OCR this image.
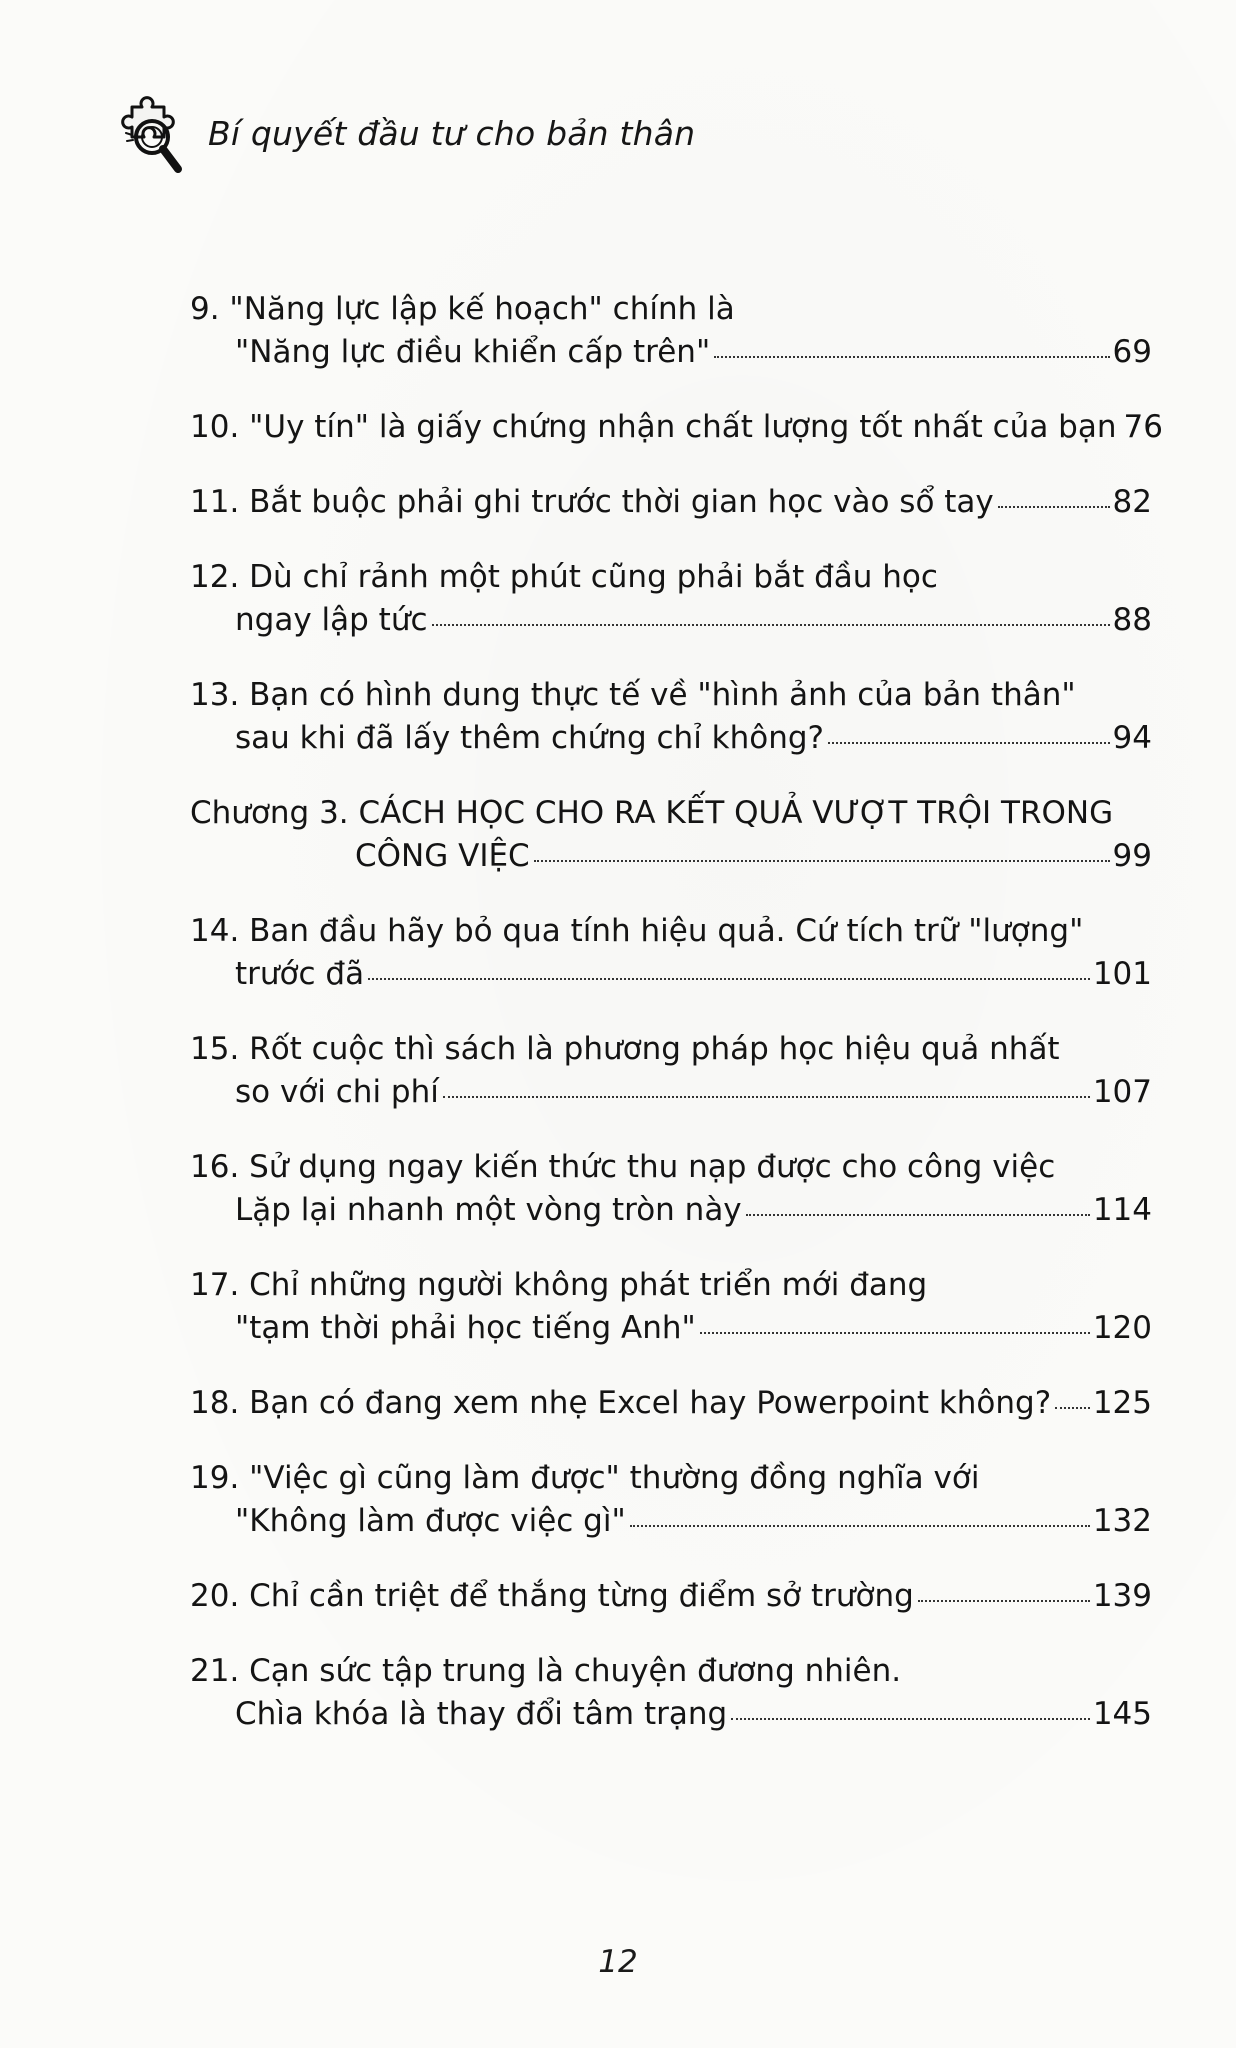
Bí quyết đầu tư cho bản thân
9. "Năng lực lập kế hoạch" chính là
"Năng lực điều khiển cấp trên"	69
10. "Uy tín" là giấy chứng nhận chất lượng tốt nhất của bạn 76
11. Bắt buộc phải ghi trước thời gian học vào sổ tay	82
12. Dù chỉ rảnh một phút cũng phải bắt đầu học
ngay lập tức	88
13. Bạn có hình dung thực tế về "hình ảnh của bản thân"
sau khi đã lấy thêm chứng chỉ không?	94
Chương 3. CÁCH HỌC CHO RA KẾT QUẢ VƯỢT TRỘI TRONG
CÔNG VIỆC	99
14. Ban đầu hãy bỏ qua tính hiệu quả. Cứ tích trữ "lượng"
trước đã	101
15. Rốt cuộc thì sách là phương pháp học hiệu quả nhất
so với chi phí	107
16. Sử dụng ngay kiến thức thu nạp được cho công việc
Lặp lại nhanh một vòng tròn này	114
17. Chỉ những người không phát triển mới đang
"tạm thời phải học tiếng Anh"	120
18. Bạn có đang xem nhẹ Excel hay Powerpoint không? 125
19. "Việc gì cũng làm được" thường đồng nghĩa với
"Không làm được việc gì"	132
20. Chỉ cần triệt để thắng từng điểm sở trường	139
21. Cạn sức tập trung là chuyện đương nhiên.
Chìa khóa là thay đổi tâm trạng	145
12
